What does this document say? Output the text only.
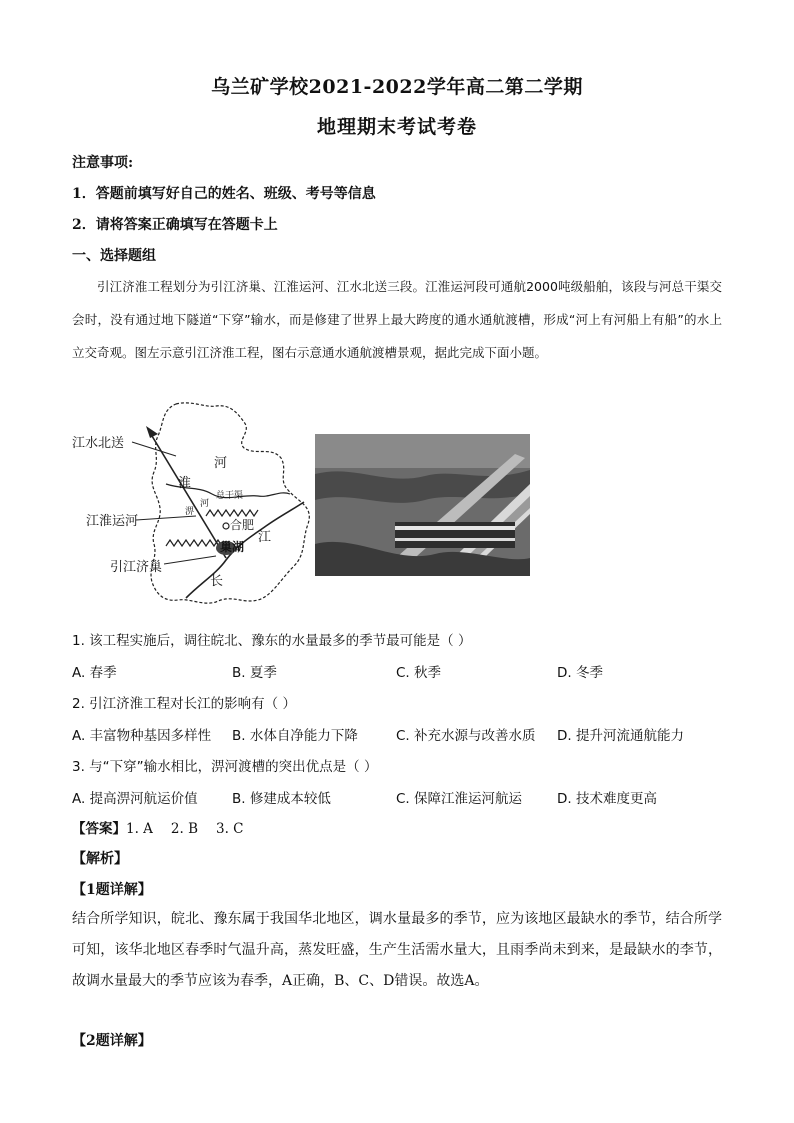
乌兰矿学校2021-2022学年高二第二学期
地理期末考试考卷
注意事项:
1．答题前填写好自己的姓名、班级、考号等信息
2．请将答案正确填写在答题卡上
一、选择题组

引江济淮工程划分为引江济巢、江淮运河、江水北送三段。江淮运河段可通航2000吨级船舶，该段与河总干渠交会时，没有通过地下隧道“下穿”输水，而是修建了世界上最大跨度的通水通航渡槽，形成“河上有河船上有船”的水上立交奇观。图左示意引江济淮工程，图右示意通水通航渡槽景观，据此完成下面小题。

江水北送
江淮运河
引江济巢
淮
河
淠
河
总干渠
合肥
巢湖
江
长
1. 该工程实施后，调往皖北、豫东的水量最多的季节最可能是（ ）
A. 春季	B. 夏季	C. 秋季	D. 冬季
2. 引江济淮工程对长江的影响有（ ）
A. 丰富物种基因多样性 B. 水体自净能力下降	C. 补充水源与改善水质 D. 提升河流通航能力
3. 与“下穿”输水相比，淠河渡槽的突出优点是（ ）
A. 提高淠河航运价值	B. 修建成本较低	C. 保障江淮运河航运	D. 技术难度更高
【答案】1. A 2. B 3. C
【解析】
【1题详解】

结合所学知识，皖北、豫东属于我国华北地区，调水量最多的季节，应为该地区最缺水的季节，结合所学可知，该华北地区春季时气温升高，蒸发旺盛，生产生活需水量大，且雨季尚未到来，是最缺水的李节，故调水量最大的季节应该为春季，A正确，B、C、D错误。故选A。

【2题详解】
